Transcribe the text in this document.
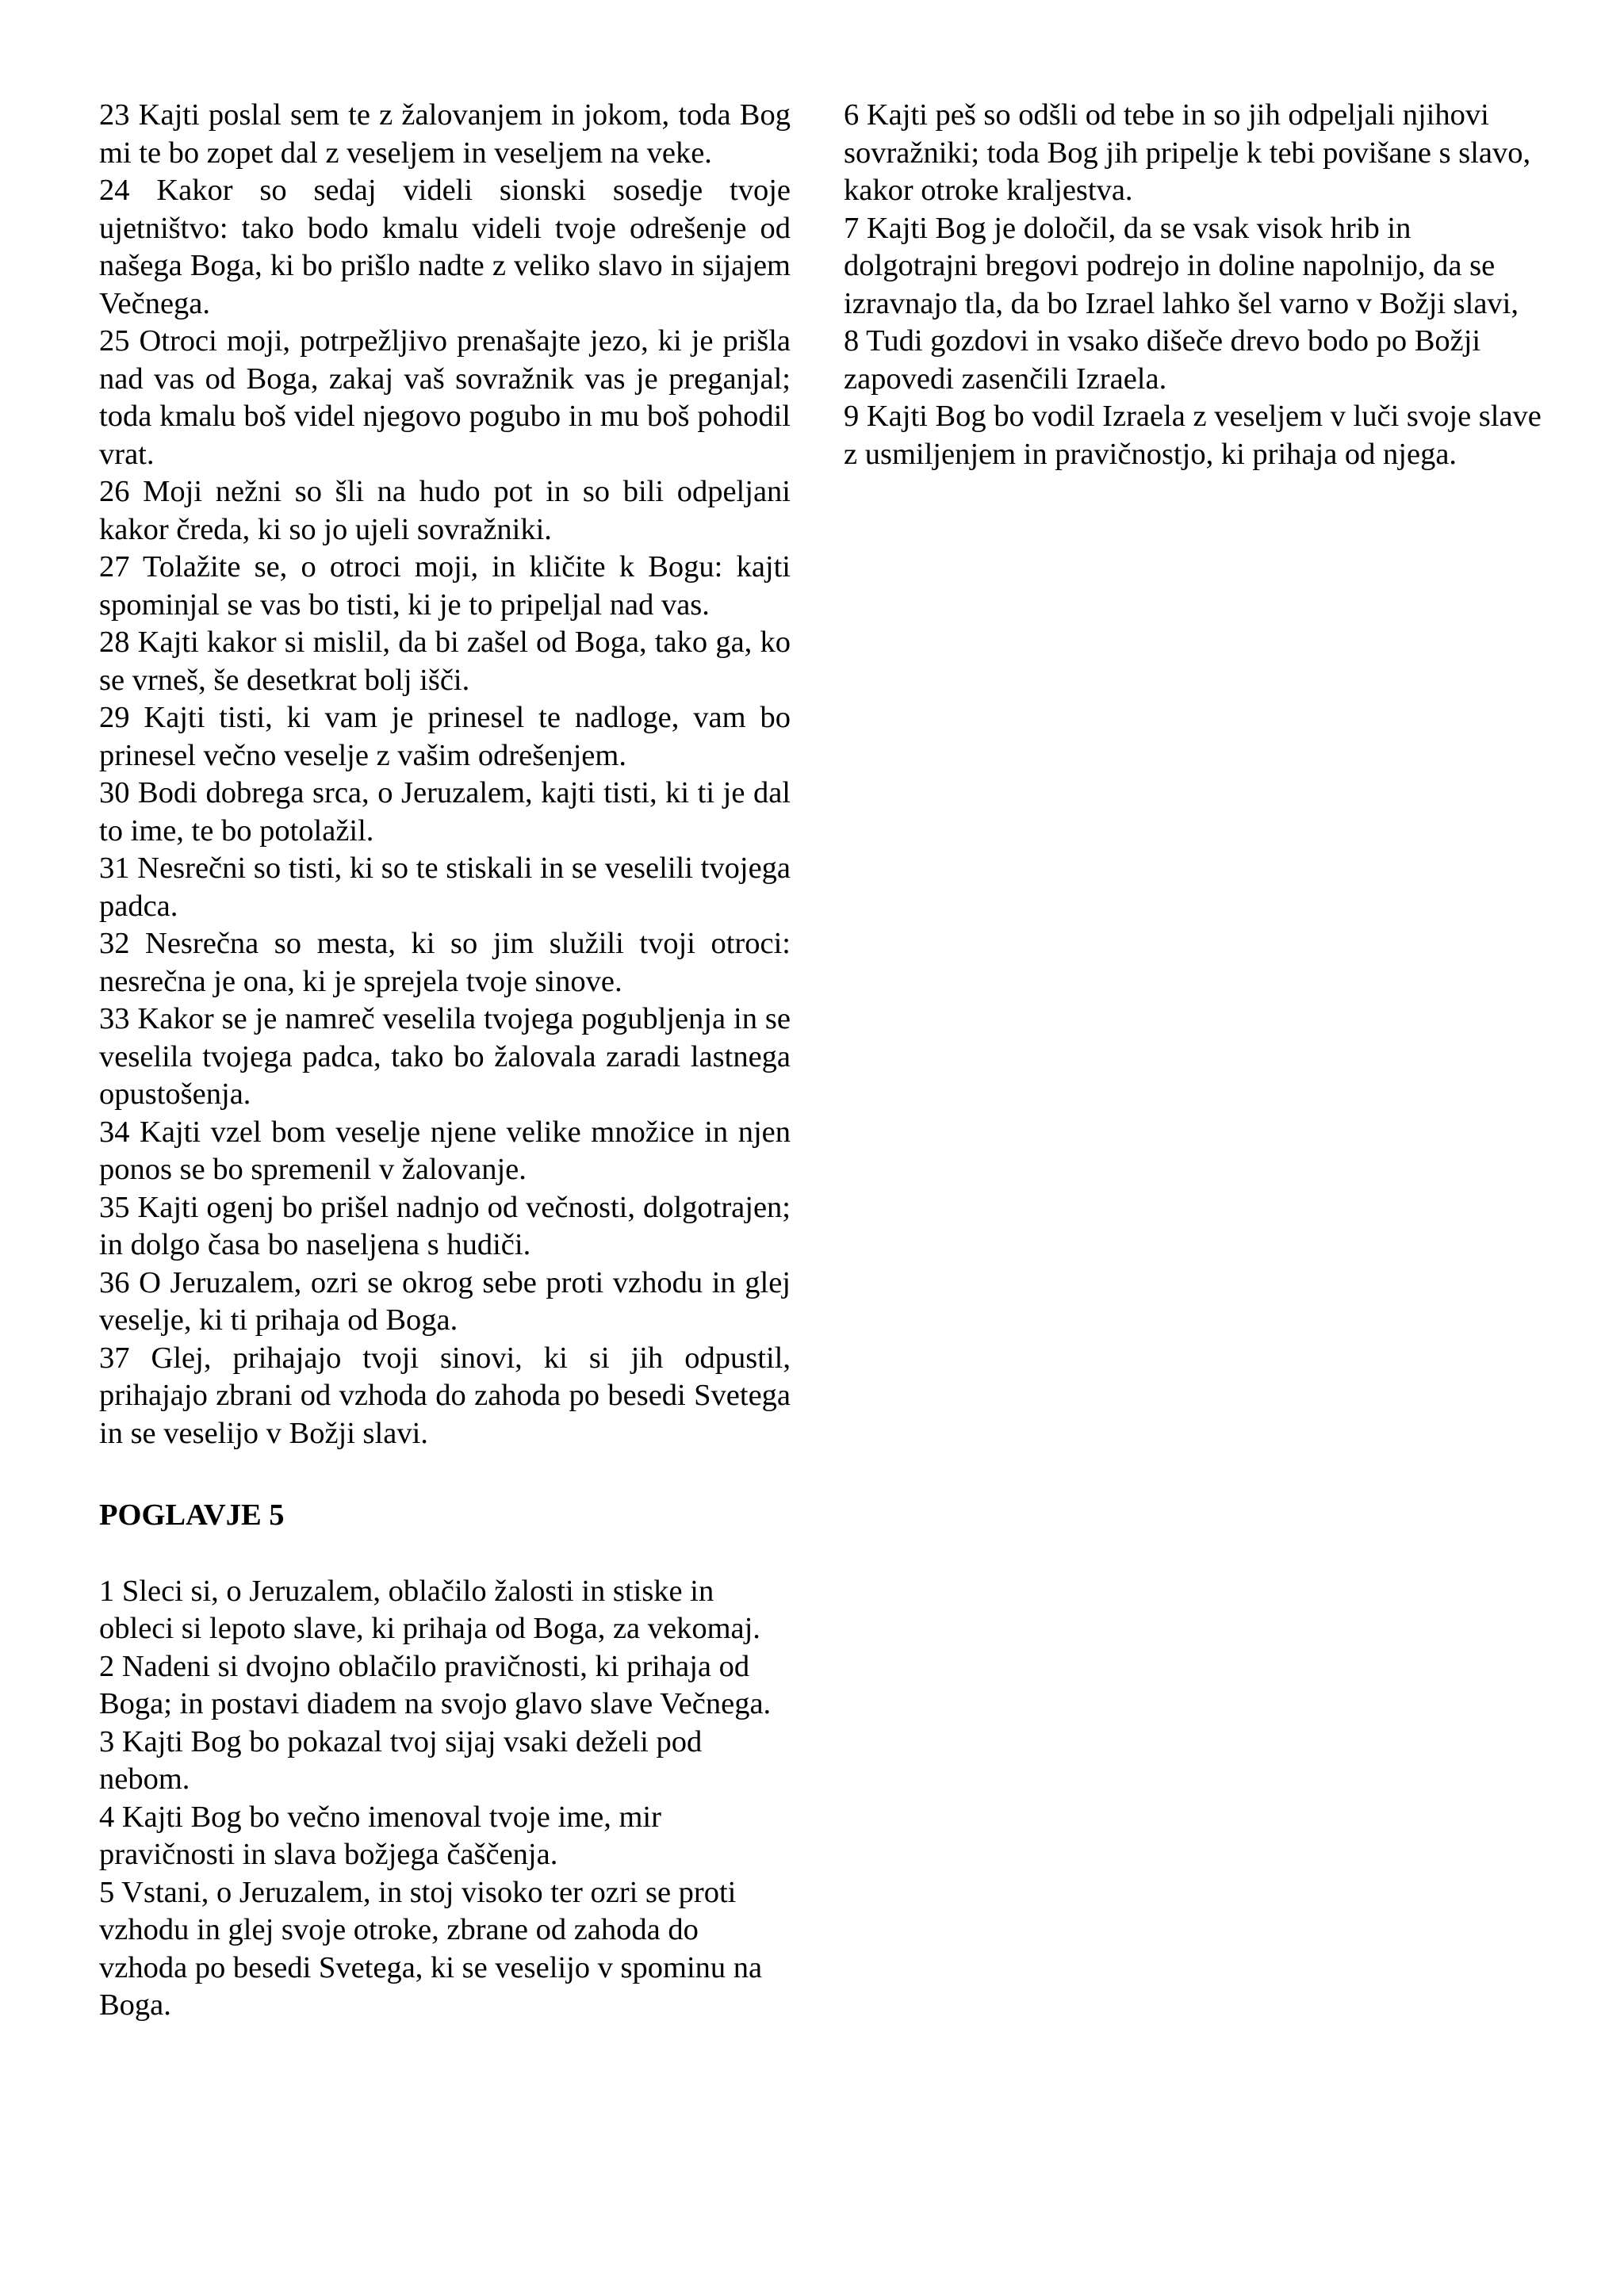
23 Kajti poslal sem te z žalovanjem in jokom, toda Bog mi te bo zopet dal z veseljem in veseljem na veke.

24 Kakor so sedaj videli sionski sosedje tvoje ujetništvo: tako bodo kmalu videli tvoje odrešenje od našega Boga, ki bo prišlo nadte z veliko slavo in sijajem Večnega.

25 Otroci moji, potrpežljivo prenašajte jezo, ki je prišla nad vas od Boga, zakaj vaš sovražnik vas je preganjal; toda kmalu boš videl njegovo pogubo in mu boš pohodil vrat.

26 Moji nežni so šli na hudo pot in so bili odpeljani kakor čreda, ki so jo ujeli sovražniki.

27 Tolažite se, o otroci moji, in kličite k Bogu: kajti spominjal se vas bo tisti, ki je to pripeljal nad vas.

28 Kajti kakor si mislil, da bi zašel od Boga, tako ga, ko se vrneš, še desetkrat bolj išči.

29 Kajti tisti, ki vam je prinesel te nadloge, vam bo prinesel večno veselje z vašim odrešenjem.

30 Bodi dobrega srca, o Jeruzalem, kajti tisti, ki ti je dal to ime, te bo potolažil.

31 Nesrečni so tisti, ki so te stiskali in se veselili tvojega padca.

32 Nesrečna so mesta, ki so jim služili tvoji otroci: nesrečna je ona, ki je sprejela tvoje sinove.

33 Kakor se je namreč veselila tvojega pogubljenja in se veselila tvojega padca, tako bo žalovala zaradi lastnega opustošenja.

34 Kajti vzel bom veselje njene velike množice in njen ponos se bo spremenil v žalovanje.

35 Kajti ogenj bo prišel nadnjo od večnosti, dolgotrajen; in dolgo časa bo naseljena s hudiči.

36 O Jeruzalem, ozri se okrog sebe proti vzhodu in glej veselje, ki ti prihaja od Boga.

37 Glej, prihajajo tvoji sinovi, ki si jih odpustil, prihajajo zbrani od vzhoda do zahoda po besedi Svetega in se veselijo v Božji slavi.

POGLAVJE 5

1 Sleci si, o Jeruzalem, oblačilo žalosti in stiske in obleci si lepoto slave, ki prihaja od Boga, za vekomaj.

2 Nadeni si dvojno oblačilo pravičnosti, ki prihaja od Boga; in postavi diadem na svojo glavo slave Večnega.

3 Kajti Bog bo pokazal tvoj sijaj vsaki deželi pod nebom.

4 Kajti Bog bo večno imenoval tvoje ime, mir pravičnosti in slava božjega čaščenja.

5 Vstani, o Jeruzalem, in stoj visoko ter ozri se proti vzhodu in glej svoje otroke, zbrane od zahoda do vzhoda po besedi Svetega, ki se veselijo v spominu na Boga.

6 Kajti peš so odšli od tebe in so jih odpeljali njihovi sovražniki; toda Bog jih pripelje k tebi povišane s slavo, kakor otroke kraljestva.

7 Kajti Bog je določil, da se vsak visok hrib in dolgotrajni bregovi podrejo in doline napolnijo, da se izravnajo tla, da bo Izrael lahko šel varno v Božji slavi,

8 Tudi gozdovi in vsako dišeče drevo bodo po Božji zapovedi zasenčili Izraela.

9 Kajti Bog bo vodil Izraela z veseljem v luči svoje slave z usmiljenjem in pravičnostjo, ki prihaja od njega.
